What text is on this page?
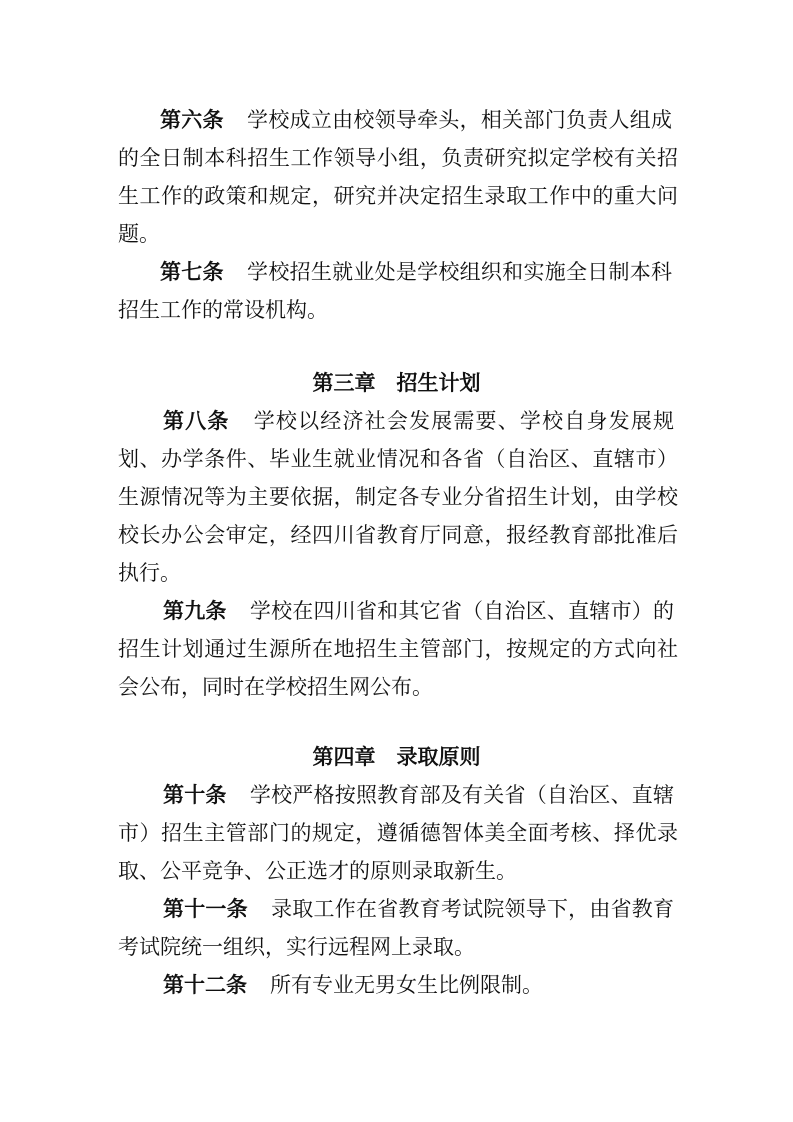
第六条 学校成立由校领导牵头，相关部门负责人组成
的全日制本科招生工作领导小组，负责研究拟定学校有关招
生工作的政策和规定，研究并决定招生录取工作中的重大问
题。
第七条 学校招生就业处是学校组织和实施全日制本科
招生工作的常设机构。
第三章　招生计划
第八条 学校以经济社会发展需要、学校自身发展规
划、办学条件、毕业生就业情况和各省（自治区、直辖市）
生源情况等为主要依据，制定各专业分省招生计划，由学校
校长办公会审定，经四川省教育厅同意，报经教育部批准后
执行。
第九条 学校在四川省和其它省（自治区、直辖市）的
招生计划通过生源所在地招生主管部门，按规定的方式向社
会公布，同时在学校招生网公布。
第四章　录取原则
第十条 学校严格按照教育部及有关省（自治区、直辖
市）招生主管部门的规定，遵循德智体美全面考核、择优录
取、公平竞争、公正选才的原则录取新生。
第十一条 录取工作在省教育考试院领导下，由省教育
考试院统一组织，实行远程网上录取。
第十二条 所有专业无男女生比例限制。
